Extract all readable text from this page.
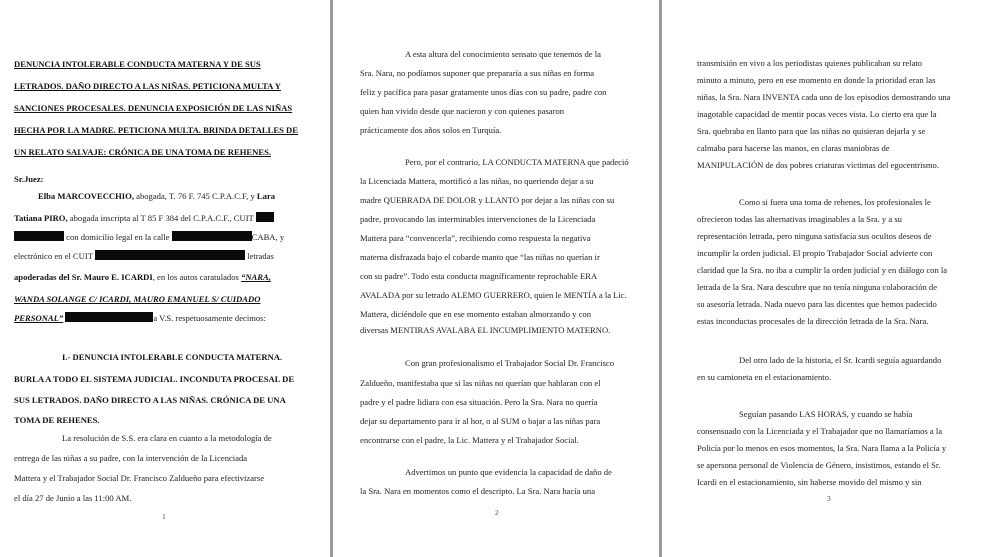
DENUNCIA INTOLERABLE CONDUCTA MATERNA Y DE SUS
LETRADOS. DAÑO DIRECTO A LAS NIÑAS. PETICIONA MULTA Y
SANCIONES PROCESALES. DENUNCIA EXPOSICIÓN DE LAS NIÑAS
HECHA POR LA MADRE. PETICIONA MULTA. BRINDA DETALLES DE
UN RELATO SALVAJE: CRÓNICA DE UNA TOMA DE REHENES.
Sr.Juez:
Elba MARCOVECCHIO, abogada, T. 76 F. 745 C.P.A.C.F, y Lara
Tatiana PIRO, abogada inscripta al T 85 F 384 del C.P.A.C.F., CUIT
con domicilio legal en la calle	CABA, y
electrónico en el CUIT	letradas
apoderadas del Sr. Mauro E. ICARDI, en los autos caratulados “NARA,
WANDA SOLANGE C/ ICARDI, MAURO EMANUEL S/ CUIDADO
PERSONAL”	a V.S. respetuosamente decimos:
I.- DENUNCIA INTOLERABLE CONDUCTA MATERNA.
BURLA A TODO EL SISTEMA JUDICIAL. INCONDUTA PROCESAL DE
SUS LETRADOS. DAÑO DIRECTO A LAS NIÑAS. CRÓNICA DE UNA
TOMA DE REHENES.
La resolución de S.S. era clara en cuanto a la metodología de
entrega de las niñas a su padre, con la intervención de la Licenciada
Mattera y el Trabajador Social Dr. Francisco Zaldueño para efectivizarse
el día 27 de Junio a las 11:00 AM.
1
A esta altura del conocimiento sensato que tenemos de la
Sra. Nara, no podíamos suponer que prepararía a sus niñas en forma
feliz y pacífica para pasar gratamente unos días con su padre, padre con
quien han vivido desde que nacieron y con quienes pasaron
prácticamente dos años solos en Turquía.
Pero, por el contrario, LA CONDUCTA MATERNA que padeció
la Licenciada Mattera, mortificó a las niñas, no queriendo dejar a su
madre QUEBRADA DE DOLOR y LLANTO por dejar a las niñas con su
padre, provocando las interminables intervenciones de la Licenciada
Mattera para “convencerla”, recibiendo como respuesta la negativa
materna disfrazada bajo el cobarde manto que “las niñas no querían ir
con su padre”. Todo esta conducta magníficamente reprochable ERA
AVALADA por su letrado ALEMO GUERRERO, quien le MENTÍA a la Lic.
Mattera, diciéndole que en ese momento estaban almorzando y con
diversas MENTIRAS AVALABA EL INCUMPLIMIENTO MATERNO.
Con gran profesionalismo el Trabajador Social Dr. Francisco
Zaldueño, manifestaba que si las niñas no querían que hablaran con el
padre y el padre lidiara con esa situación. Pero la Sra. Nara no quería
dejar su departamento para ir al hor, o al SUM o bajar a las niñas para
encontrarse con el padre, la Lic. Mattera y el Trabajador Social.
Advertimos un punto que evidencia la capacidad de daño de
la Sra. Nara en momentos como el descripto. La Sra. Nara hacía una
2
transmisión en vivo a los periodistas quienes publicaban su relato
minuto a minuto, pero en ese momento en donde la prioridad eran las
niñas, la Sra. Nara INVENTA cada uno de los episodios demostrando una
inagotable capacidad de mentir pocas veces vista. Lo cierto era que la
Sra. quebraba en llanto para que las niñas no quisieran dejarla y se
calmaba para hacerse las manos, en claras maniobras de
MANIPULACIÓN de dos pobres criaturas víctimas del egocentrismo.
Como si fuera una toma de rehenes, los profesionales le
ofrecieron todas las alternativas imaginables a la Sra. y a su
representación letrada, pero ninguna satisfacía sus ocultos deseos de
incumplir la orden judicial. El propio Trabajador Social advierte con
claridad que la Sra. no iba a cumplir la orden judicial y en diálogo con la
letrada de la Sra. Nara descubre que no tenía ninguna colaboración de
su asesoría letrada. Nada nuevo para las dicentes que hemos padecido
estas inconductas procesales de la dirección letrada de la Sra. Nara.
Del otro lado de la historia, el Sr. Icardi seguía aguardando
en su camioneta en el estacionamiento.
Seguían pasando LAS HORAS, y cuando se había
consensuado con la Licenciada y el Trabajador que no llamaríamos a la
Policía por lo menos en esos momentos, la Sra. Nara llama a la Policía y
se apersona personal de Violencia de Género, insistimos, estando el Sr.
Icardi en el estacionamiento, sin haberse movido del mismo y sin
3
